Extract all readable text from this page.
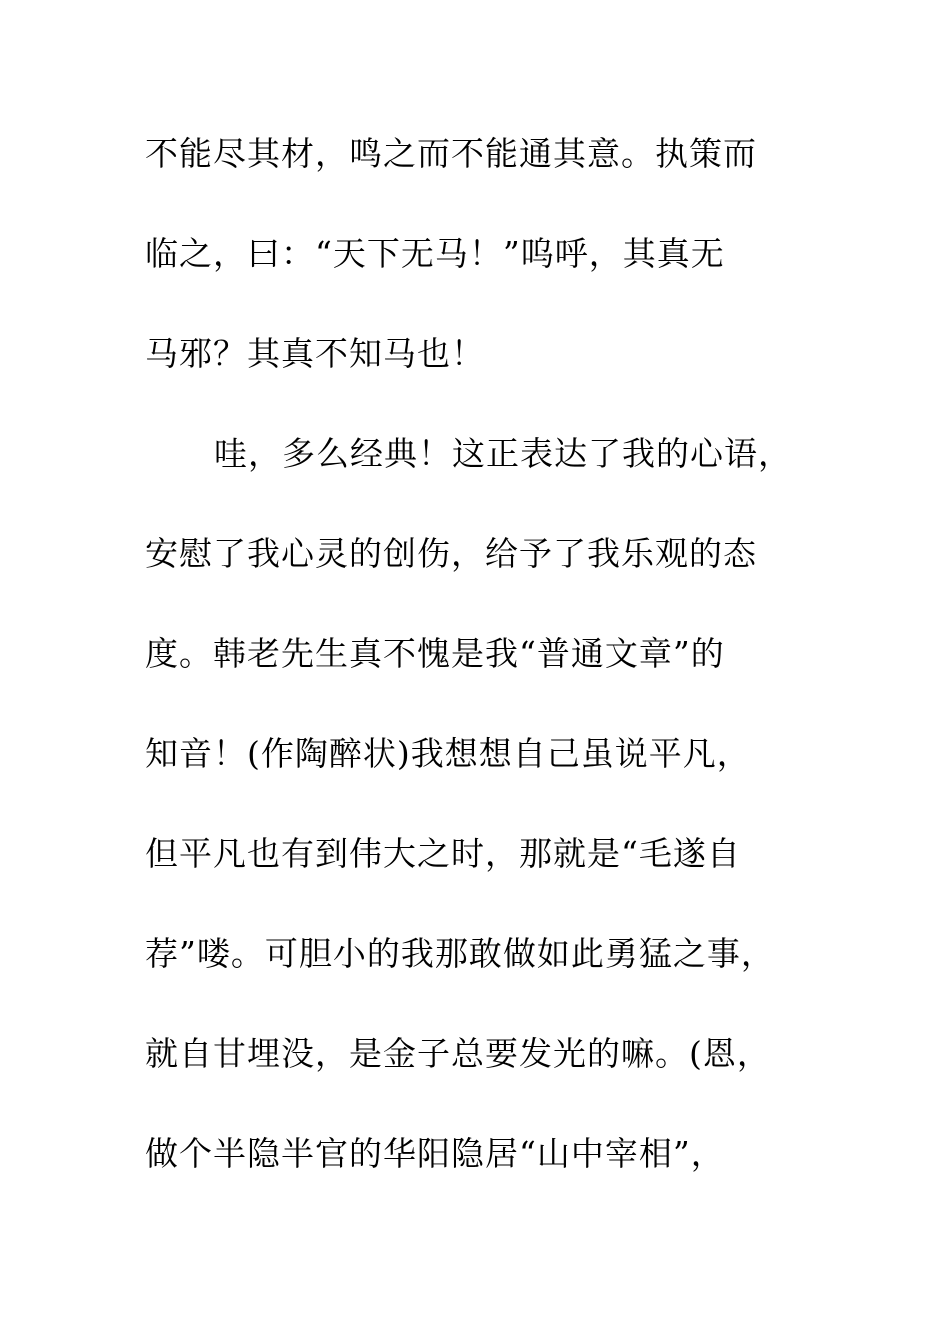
不能尽其材，鸣之而不能通其意。执策而
临之，曰：“天下无马！”呜呼，其真无
马邪？其真不知马也！
哇，多么经典！这正表达了我的心语，
安慰了我心灵的创伤，给予了我乐观的态
度。韩老先生真不愧是我“普通文章”的
知音！(作陶醉状)我想想自己虽说平凡，
但平凡也有到伟大之时，那就是“毛遂自
荐”喽。可胆小的我那敢做如此勇猛之事，
就自甘埋没，是金子总要发光的嘛。(恩，
做个半隐半官的华阳隐居“山中宰相”，
